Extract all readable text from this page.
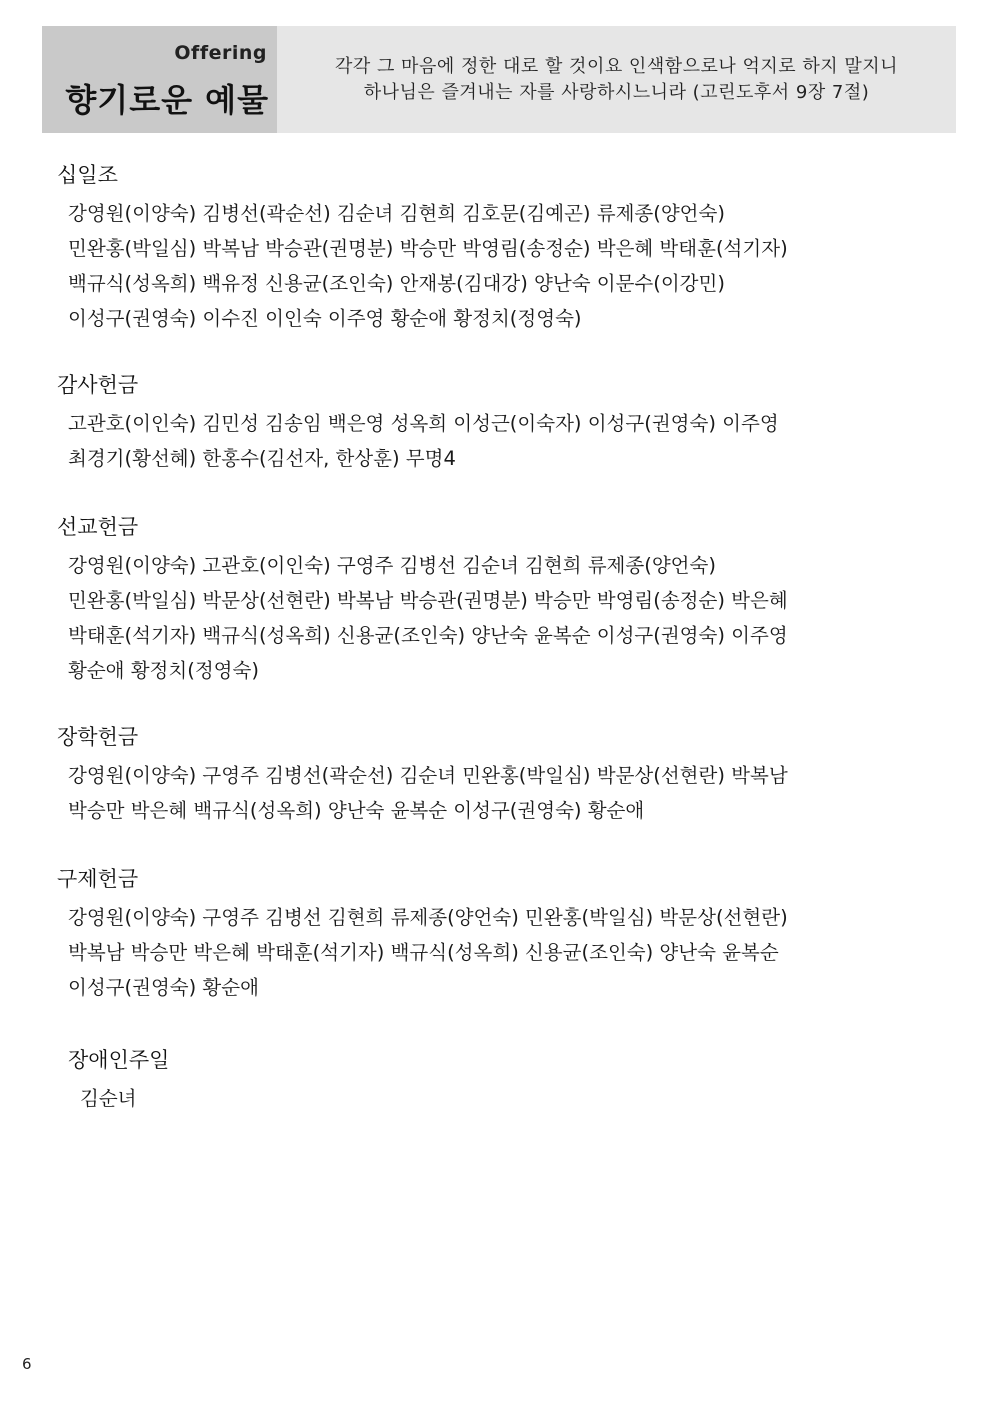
Offering
향기로운 예물
각각 그 마음에 정한 대로 할 것이요 인색함으로나 억지로 하지 말지니
하나님은 즐겨내는 자를 사랑하시느니라 (고린도후서 9장 7절)
십일조
강영원(이양숙) 김병선(곽순선) 김순녀 김현희 김호문(김예곤) 류제종(양언숙)
민완홍(박일심) 박복남 박승관(권명분) 박승만 박영림(송정순) 박은혜 박태훈(석기자)
백규식(성옥희) 백유정 신용균(조인숙) 안재봉(김대강) 양난숙 이문수(이강민)
이성구(권영숙) 이수진 이인숙 이주영 황순애 황정치(정영숙)
감사헌금
고관호(이인숙) 김민성 김송임 백은영 성옥희 이성근(이숙자) 이성구(권영숙) 이주영
최경기(황선혜) 한홍수(김선자, 한상훈) 무명4
선교헌금
강영원(이양숙) 고관호(이인숙) 구영주 김병선 김순녀 김현희 류제종(양언숙)
민완홍(박일심) 박문상(선현란) 박복남 박승관(권명분) 박승만 박영림(송정순) 박은혜
박태훈(석기자) 백규식(성옥희) 신용균(조인숙) 양난숙 윤복순 이성구(권영숙) 이주영
황순애 황정치(정영숙)
장학헌금
강영원(이양숙) 구영주 김병선(곽순선) 김순녀 민완홍(박일심) 박문상(선현란) 박복남
박승만 박은혜 백규식(성옥희) 양난숙 윤복순 이성구(권영숙) 황순애
구제헌금
강영원(이양숙) 구영주 김병선 김현희 류제종(양언숙) 민완홍(박일심) 박문상(선현란)
박복남 박승만 박은혜 박태훈(석기자) 백규식(성옥희) 신용균(조인숙) 양난숙 윤복순
이성구(권영숙) 황순애
장애인주일
김순녀
6
